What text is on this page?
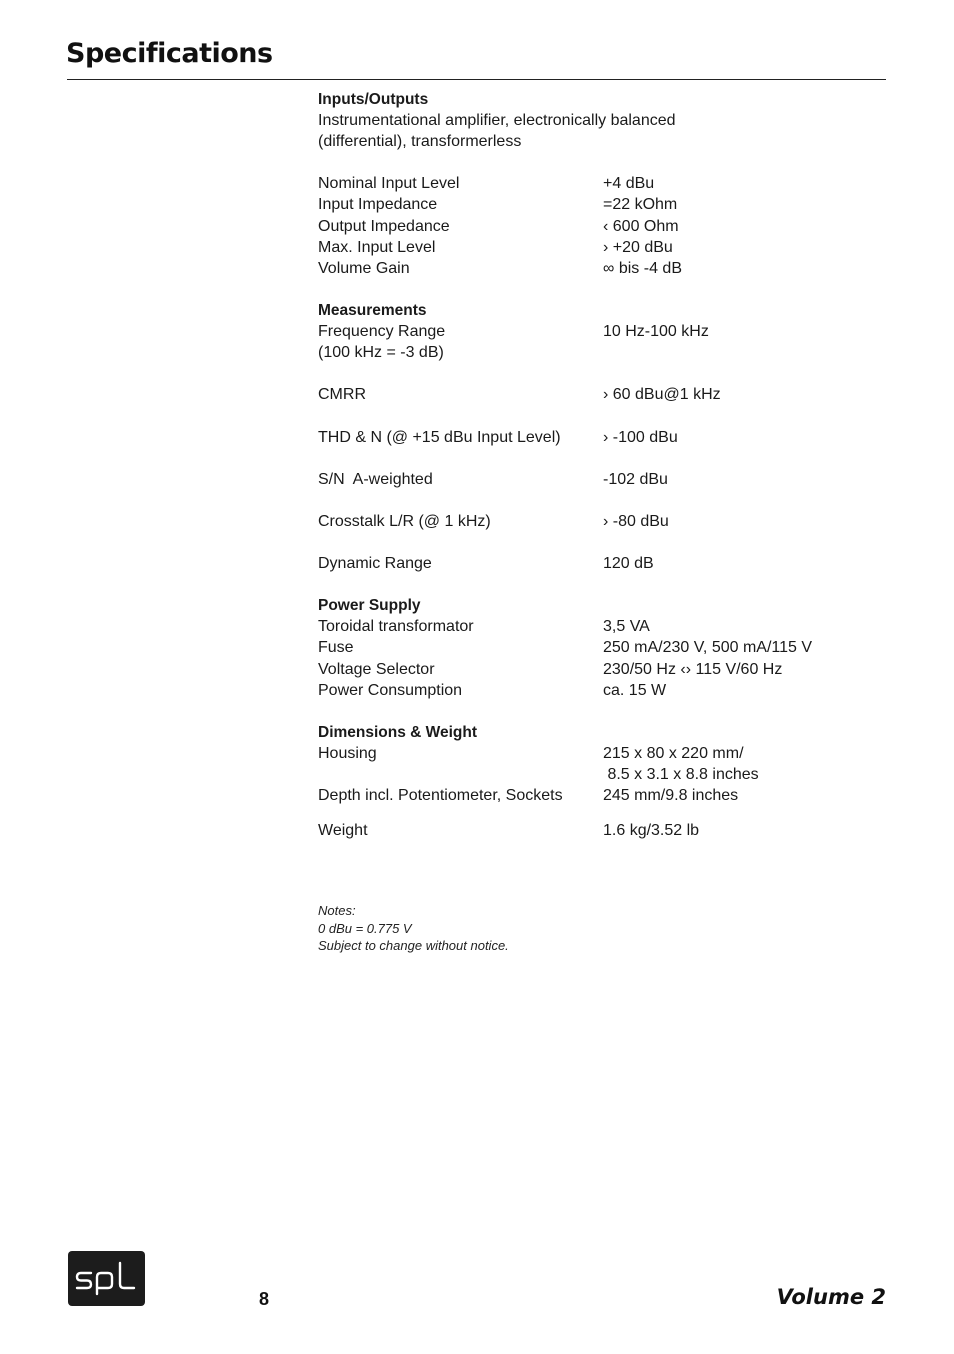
Specifications
Inputs/Outputs
Instrumentational amplifier, electronically balanced
(differential), transformerless
Nominal Input Level	+4 dBu
Input Impedance	=22 kOhm
Output Impedance	‹ 600 Ohm
Max. Input Level	› +20 dBu
Volume Gain	∞ bis -4 dB
Measurements
Frequency Range	10 Hz-100 kHz
(100 kHz = -3 dB)
CMRR	› 60 dBu@1 kHz
THD & N (@ +15 dBu Input Level)	› -100 dBu
S/N  A-weighted	-102 dBu
Crosstalk L/R (@ 1 kHz)	› -80 dBu
Dynamic Range	120 dB
Power Supply
Toroidal transformator	3,5 VA
Fuse	250 mA/230 V, 500 mA/115 V
Voltage Selector	230/50 Hz ‹› 115 V/60 Hz
Power Consumption	ca. 15 W
Dimensions & Weight
Housing	215 x 80 x 220 mm/
8.5 x 3.1 x 8.8 inches
Depth incl. Potentiometer, Sockets	245 mm/9.8 inches
Weight	1.6 kg/3.52 lb
Notes:
0 dBu = 0.775 V
Subject to change without notice.
8	Volume 2
